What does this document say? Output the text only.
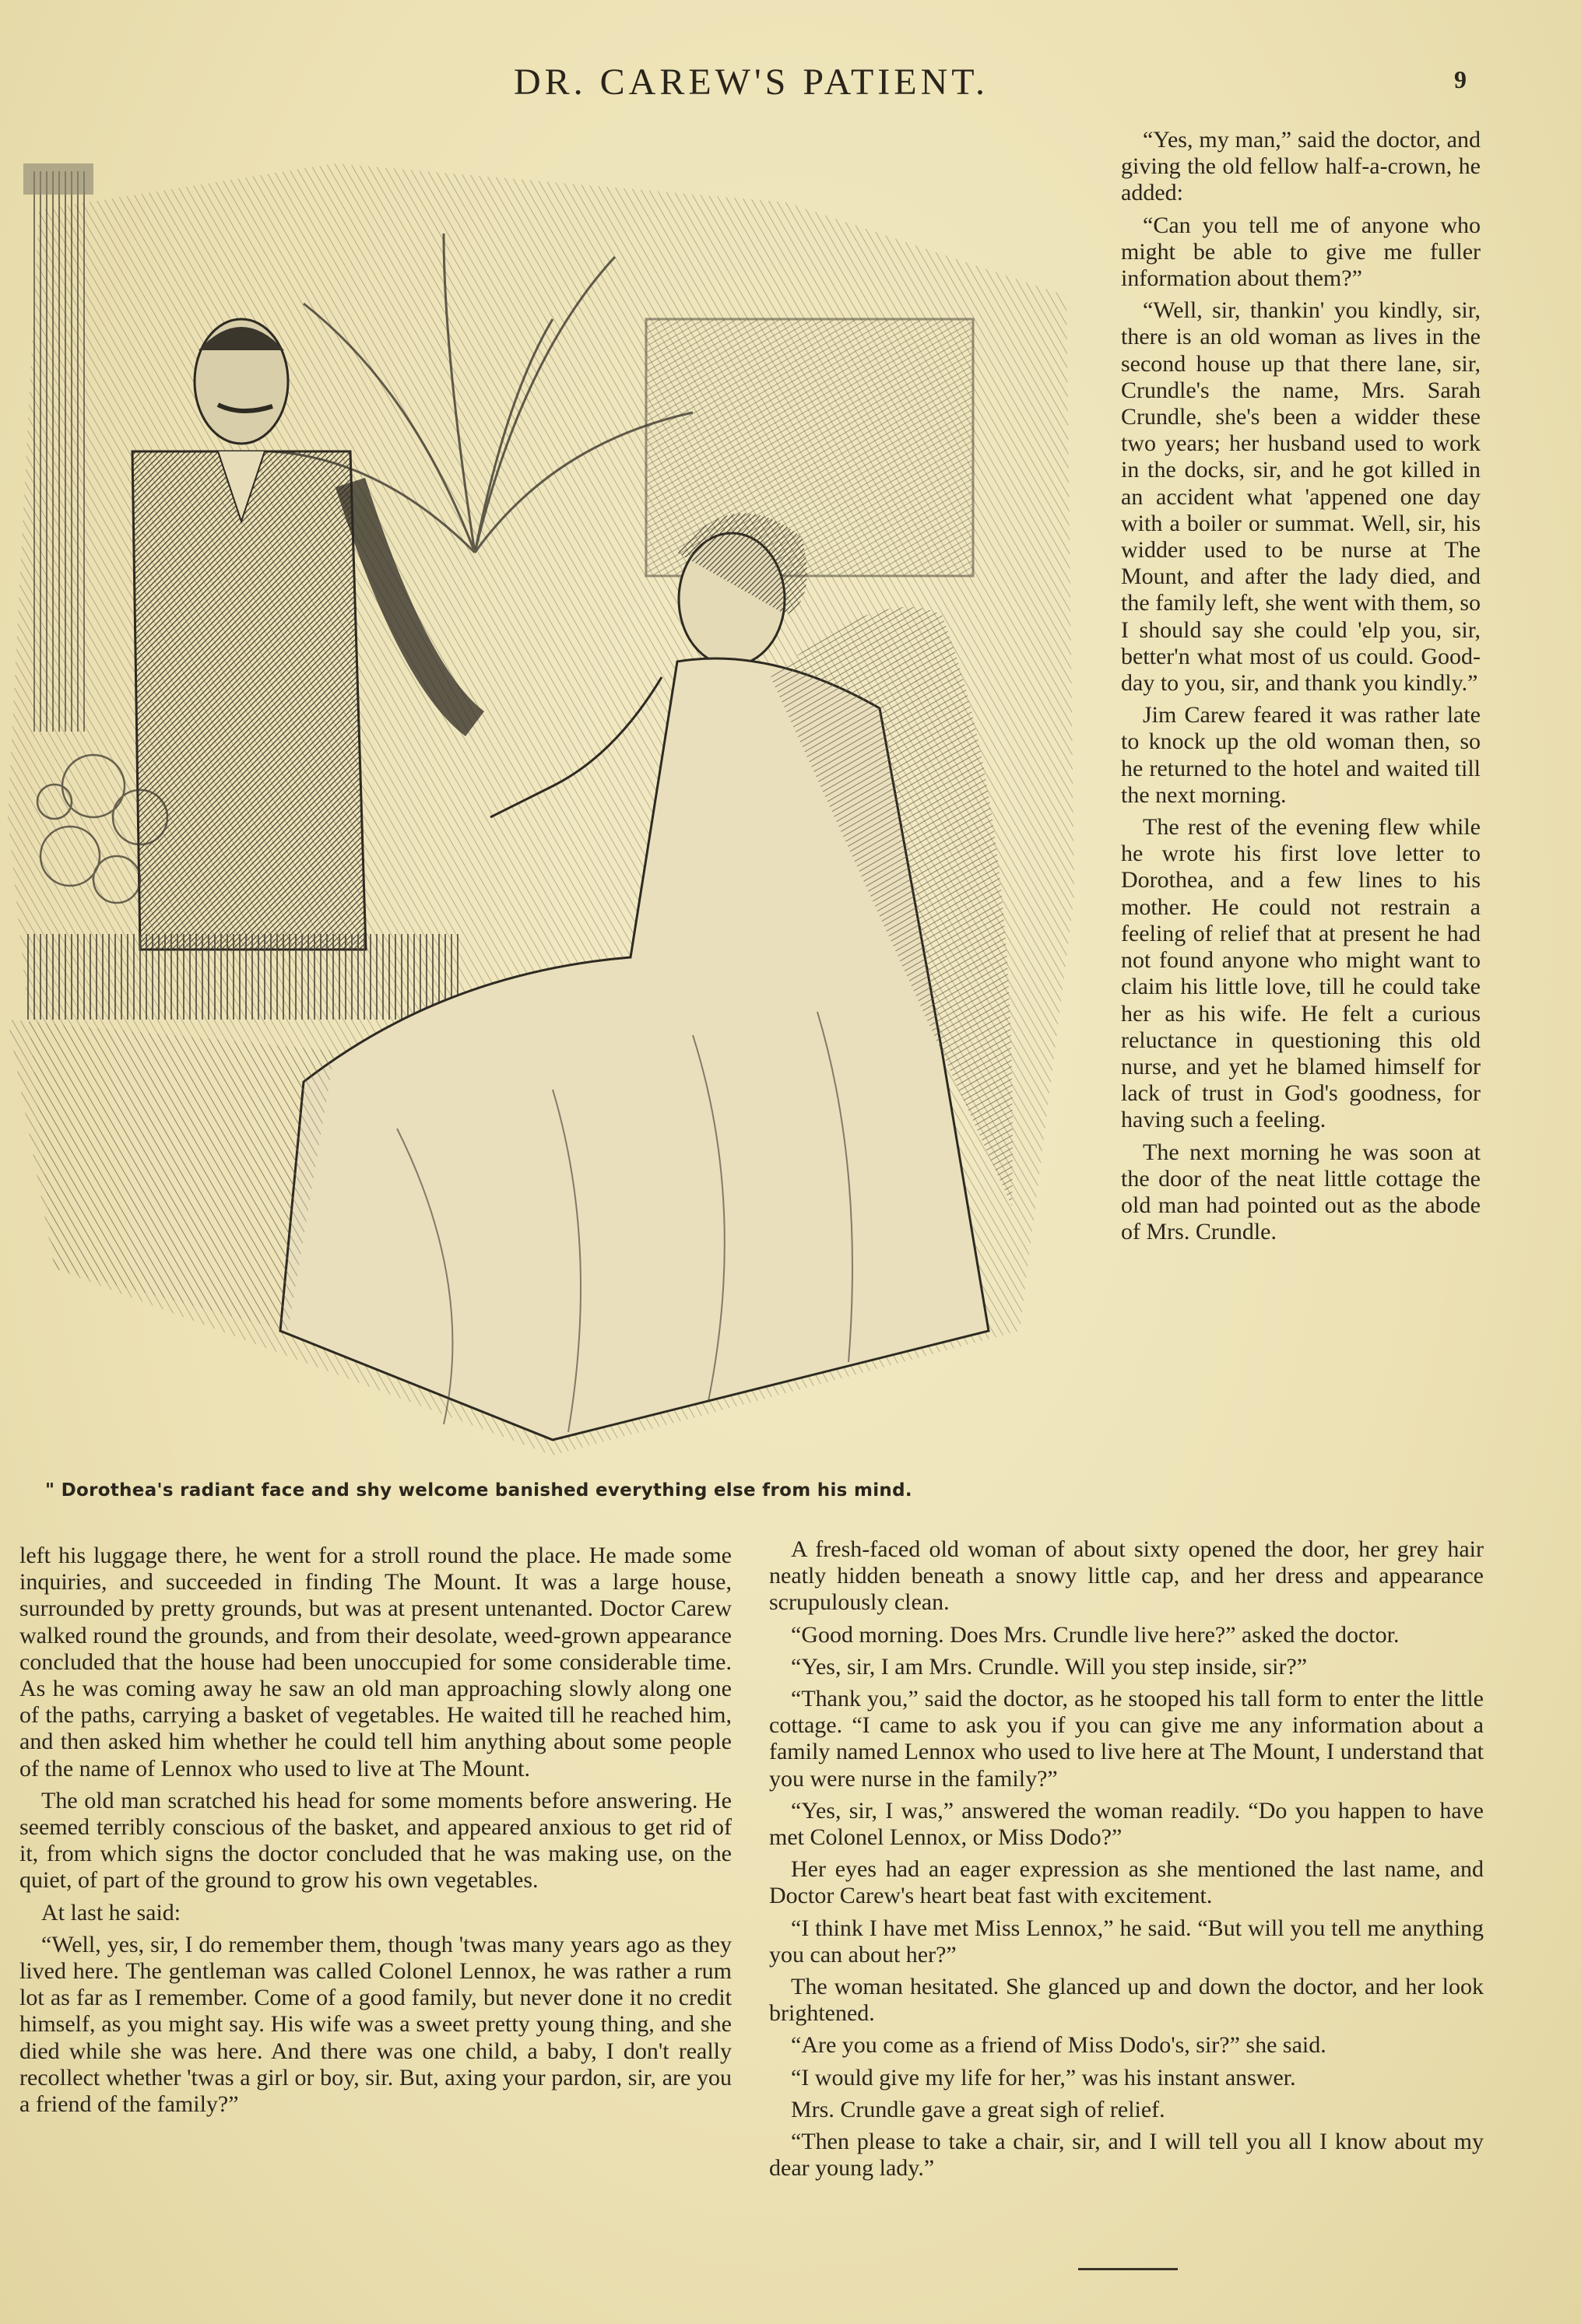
DR. CAREW'S PATIENT.	9
" Dorothea's radiant face and shy welcome banished everything else from his mind.

“Yes, my man,” said the doctor, and giving the old fellow half-a-crown, he added:

“Can you tell me of anyone who might be able to give me fuller information about them?”

“Well, sir, thankin' you kindly, sir, there is an old woman as lives in the second house up that there lane, sir, Crundle's the name, Mrs. Sarah Crundle, she's been a widder these two years; her husband used to work in the docks, sir, and he got killed in an accident what 'appened one day with a boiler or summat. Well, sir, his widder used to be nurse at The Mount, and after the lady died, and the family left, she went with them, so I should say she could 'elp you, sir, better'n what most of us could. Good-day to you, sir, and thank you kindly.”

Jim Carew feared it was rather late to knock up the old woman then, so he returned to the hotel and waited till the next morning.

The rest of the evening flew while he wrote his first love letter to Dorothea, and a few lines to his mother. He could not restrain a feeling of relief that at present he had not found anyone who might want to claim his little love, till he could take her as his wife. He felt a curious reluctance in questioning this old nurse, and yet he blamed himself for lack of trust in God's goodness, for having such a feeling.

The next morning he was soon at the door of the neat little cottage the old man had pointed out as the abode of Mrs. Crundle.

left his luggage there, he went for a stroll round the place. He made some inquiries, and succeeded in finding The Mount. It was a large house, surrounded by pretty grounds, but was at present untenanted. Doctor Carew walked round the grounds, and from their desolate, weed-grown appearance concluded that the house had been unoccupied for some considerable time. As he was coming away he saw an old man approaching slowly along one of the paths, carrying a basket of vegetables. He waited till he reached him, and then asked him whether he could tell him anything about some people of the name of Lennox who used to live at The Mount.

The old man scratched his head for some moments before answering. He seemed terribly conscious of the basket, and appeared anxious to get rid of it, from which signs the doctor concluded that he was making use, on the quiet, of part of the ground to grow his own vegetables.

At last he said:

“Well, yes, sir, I do remember them, though 'twas many years ago as they lived here. The gentleman was called Colonel Lennox, he was rather a rum lot as far as I remember. Come of a good family, but never done it no credit himself, as you might say. His wife was a sweet pretty young thing, and she died while she was here. And there was one child, a baby, I don't really recollect whether 'twas a girl or boy, sir. But, axing your pardon, sir, are you a friend of the family?”

A fresh-faced old woman of about sixty opened the door, her grey hair neatly hidden beneath a snowy little cap, and her dress and appearance scrupulously clean.

“Good morning. Does Mrs. Crundle live here?” asked the doctor.

“Yes, sir, I am Mrs. Crundle. Will you step inside, sir?”

“Thank you,” said the doctor, as he stooped his tall form to enter the little cottage. “I came to ask you if you can give me any information about a family named Lennox who used to live here at The Mount, I understand that you were nurse in the family?”

“Yes, sir, I was,” answered the woman readily. “Do you happen to have met Colonel Lennox, or Miss Dodo?”

Her eyes had an eager expression as she mentioned the last name, and Doctor Carew's heart beat fast with excitement.

“I think I have met Miss Lennox,” he said. “But will you tell me anything you can about her?”

The woman hesitated. She glanced up and down the doctor, and her look brightened.

“Are you come as a friend of Miss Dodo's, sir?” she said.

“I would give my life for her,” was his instant answer.

Mrs. Crundle gave a great sigh of relief.

“Then please to take a chair, sir, and I will tell you all I know about my dear young lady.”
